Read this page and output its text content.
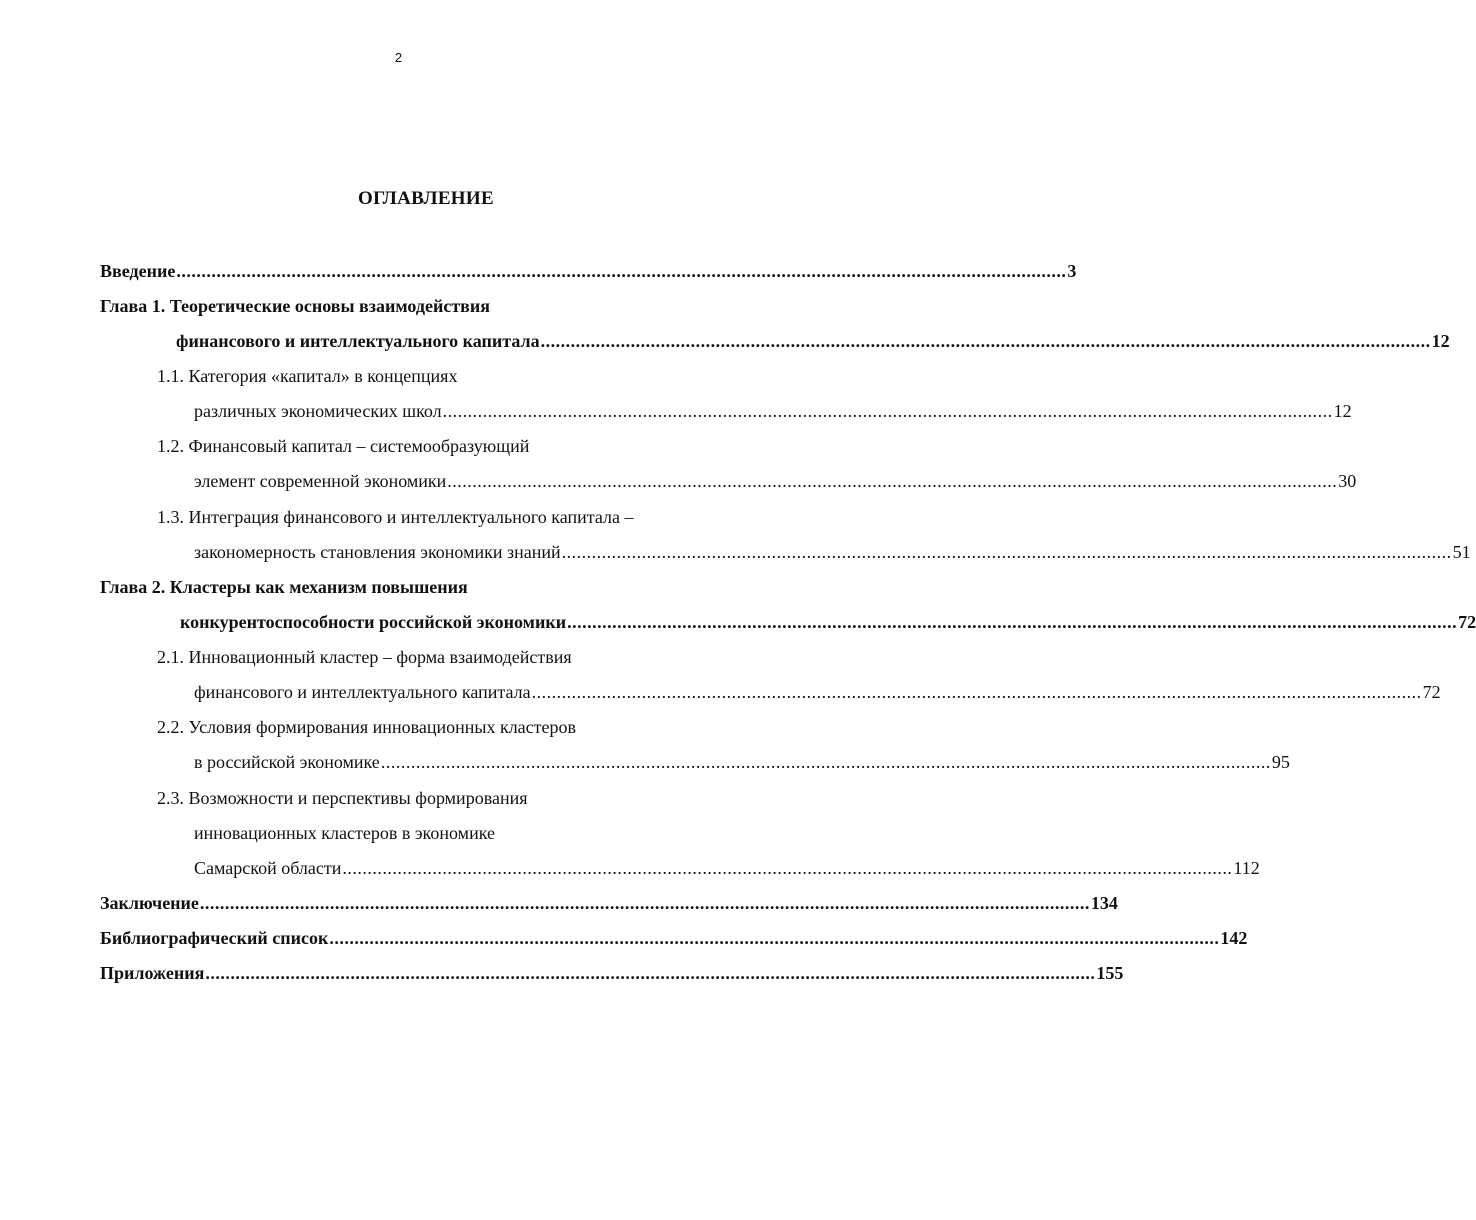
2
ОГЛАВЛЕНИЕ
Введение .................................................................................................................................................................................. 3
Глава 1. Теоретические основы взаимодействия
финансового и интеллектуального капитала .................................................................................................................................................................................. 12
1.1. Категория «капитал» в концепциях
различных экономических школ .................................................................................................................................................................................. 12
1.2. Финансовый капитал – системообразующий
элемент современной экономики .................................................................................................................................................................................. 30
1.3. Интеграция финансового и интеллектуального капитала –
закономерность становления экономики знаний .................................................................................................................................................................................. 51
Глава 2. Кластеры как механизм повышения
конкурентоспособности российской экономики .................................................................................................................................................................................. 72
2.1. Инновационный кластер – форма взаимодействия
финансового и интеллектуального капитала .................................................................................................................................................................................. 72
2.2. Условия формирования инновационных кластеров
в российской экономике .................................................................................................................................................................................. 95
2.3. Возможности и перспективы формирования
инновационных кластеров в экономике
Самарской области .................................................................................................................................................................................. 112
Заключение .................................................................................................................................................................................. 134
Библиографический список .................................................................................................................................................................................. 142
Приложения .................................................................................................................................................................................. 155
